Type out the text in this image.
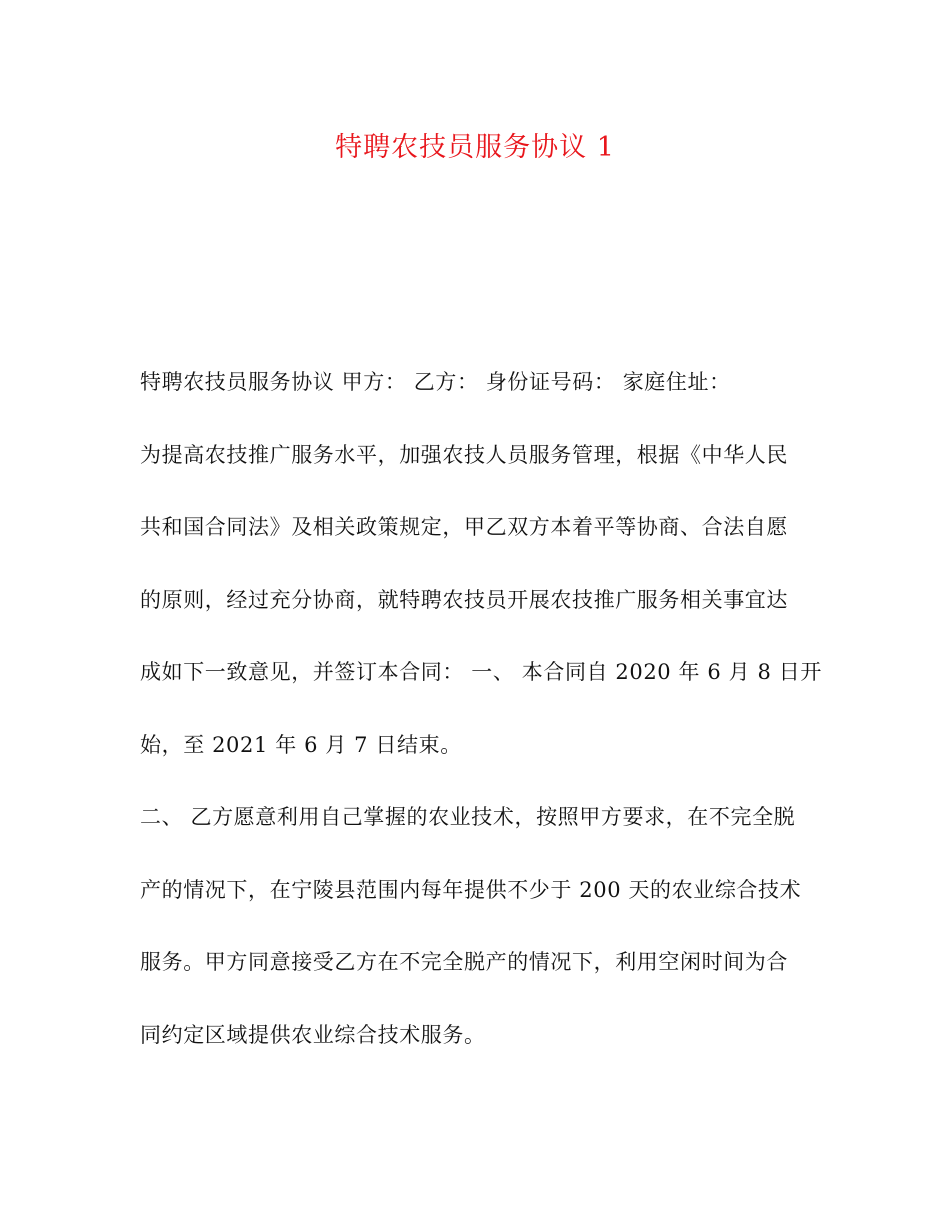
特聘农技员服务协议 1
特聘农技员服务协议 甲方： 乙方： 身份证号码： 家庭住址：
为提高农技推广服务水平，加强农技人员服务管理，根据《中华人民
共和国合同法》及相关政策规定，甲乙双方本着平等协商、合法自愿
的原则，经过充分协商，就特聘农技员开展农技推广服务相关事宜达
成如下一致意见，并签订本合同： 一、 本合同自 2020 年 6 月 8 日开
始，至 2021 年 6 月 7 日结束。
二、 乙方愿意利用自己掌握的农业技术，按照甲方要求，在不完全脱
产的情况下，在宁陵县范围内每年提供不少于 200 天的农业综合技术
服务。甲方同意接受乙方在不完全脱产的情况下，利用空闲时间为合
同约定区域提供农业综合技术服务。
